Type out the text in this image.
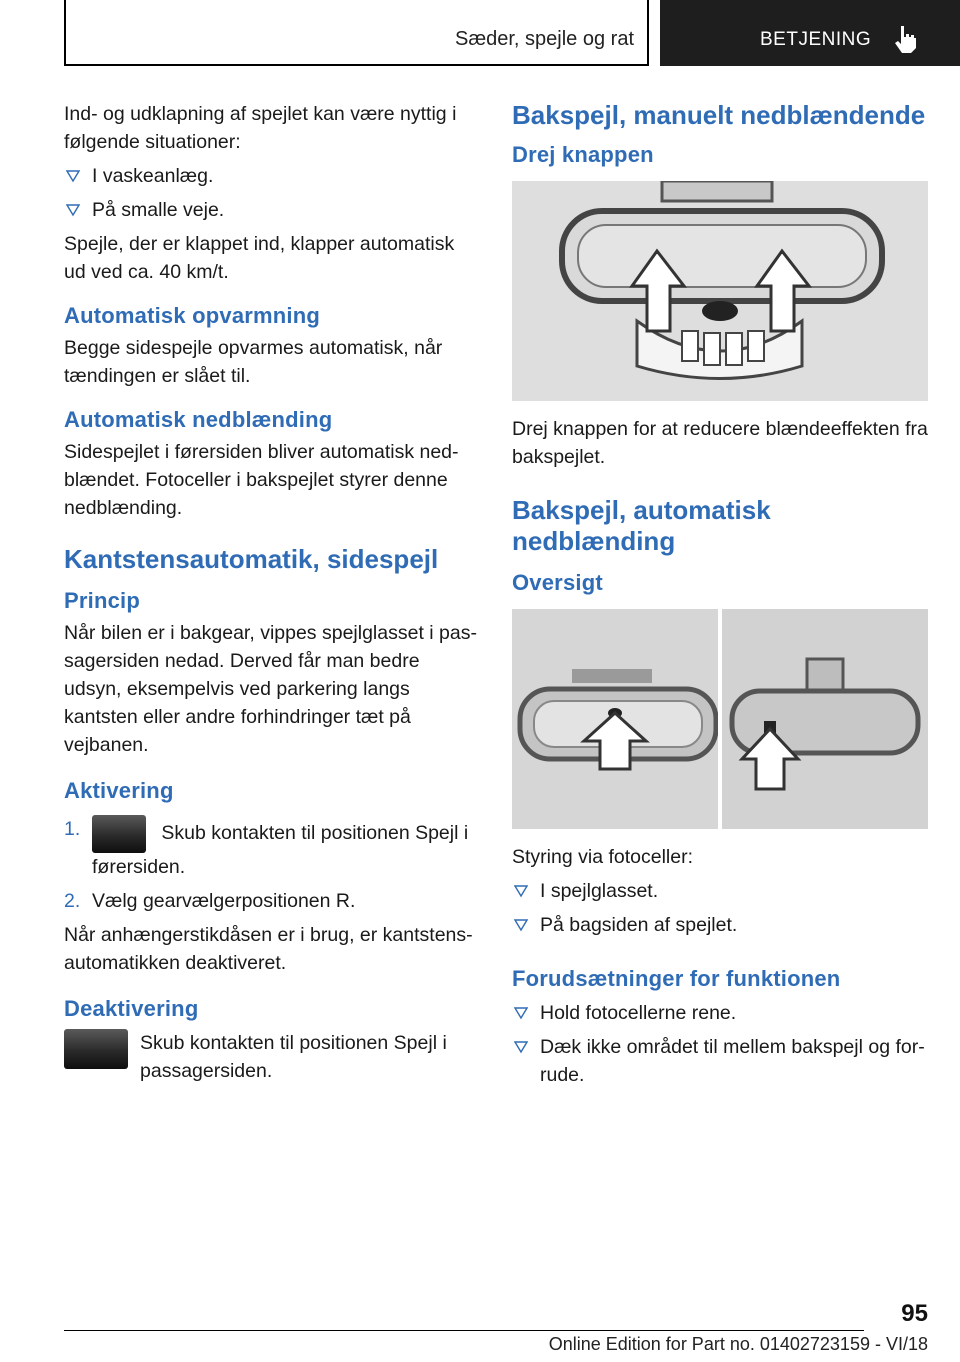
Sæder, spejle og rat	BETJENING

Ind- og udklapning af spejlet kan være nyttig i følgende situationer:

I vaskeanlæg.
På smalle veje.

Spejle, der er klappet ind, klapper automatisk ud ved ca. 40 km/t.

Automatisk opvarmning

Begge sidespejle opvarmes automatisk, når tændingen er slået til.

Automatisk nedblænding

Sidespejlet i førersiden bliver automatisk nedblændet. Fotoceller i bakspejlet styrer denne nedblænding.

Kantstensautomatik, sidespejl
Princip

Når bilen er i bakgear, vippes spejlglasset i passagersiden nedad. Derved får man bedre udsyn, eksempelvis ved parkering langs kantsten eller andre forhindringer tæt på vejbanen.

Aktivering
1.	Skub kontakten til positionen Spejl i førersiden.
2. Vælg gearvælgerpositionen R.

Når anhængerstikdåsen er i brug, er kantstensautomatikken deaktiveret.

Deaktivering

Skub kontakten til positionen Spejl i passagersiden.

Bakspejl, manuelt nedblændende
Drej knappen

Drej knappen for at reducere blændeeffekten fra bakspejlet.

Bakspejl, automatisk nedblænding
Oversigt

Styring via fotoceller:

I spejlglasset.
På bagsiden af spejlet.
Forudsætninger for funktionen
Hold fotocellerne rene.
Dæk ikke området til mellem bakspejl og forrude.
95
Online Edition for Part no. 01402723159 - VI/18
